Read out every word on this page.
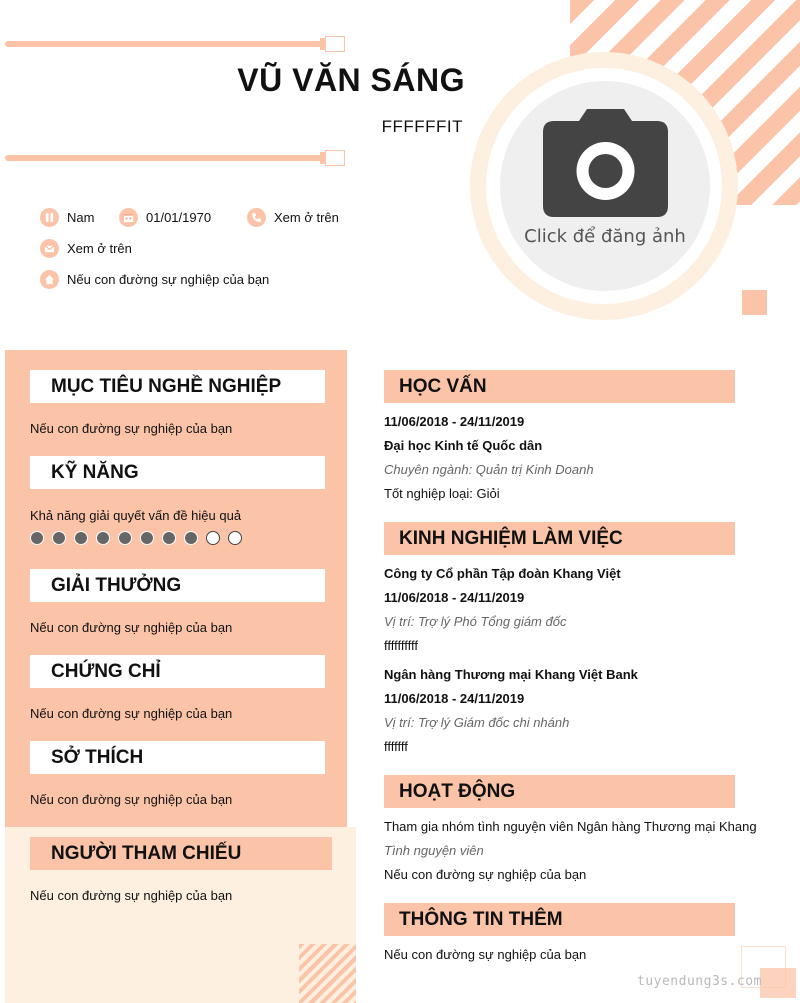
Click để đăng ảnh
VŨ VĂN SÁNG
FFFFFFIT
Nam	01/01/1970	Xem ở trên
Xem ở trên
Nếu con đường sự nghiệp của bạn
MỤC TIÊU NGHỀ NGHIỆP
Nếu con đường sự nghiệp của bạn
KỸ NĂNG
Khả năng giải quyết vấn đề hiệu quả
GIẢI THƯỞNG
Nếu con đường sự nghiệp của bạn
CHỨNG CHỈ
Nếu con đường sự nghiệp của bạn
SỞ THÍCH
Nếu con đường sự nghiệp của bạn
NGƯỜI THAM CHIẾU
Nếu con đường sự nghiệp của bạn
HỌC VẤN
11/06/2018 - 24/11/2019
Đại học Kinh tế Quốc dân
Chuyên ngành: Quản trị Kinh Doanh
Tốt nghiệp loại: Giỏi
KINH NGHIỆM LÀM VIỆC
Công ty Cổ phần Tập đoàn Khang Việt
11/06/2018 - 24/11/2019
Vị trí: Trợ lý Phó Tổng giám đốc
ffffffffff
Ngân hàng Thương mại Khang Việt Bank
11/06/2018 - 24/11/2019
Vị trí: Trợ lý Giám đốc chi nhánh
fffffff
HOẠT ĐỘNG
Tham gia nhóm tình nguyện viên Ngân hàng Thương mại Khang
Tình nguyện viên
Nếu con đường sự nghiệp của bạn
THÔNG TIN THÊM
Nếu con đường sự nghiệp của bạn
tuyendung3s.com
